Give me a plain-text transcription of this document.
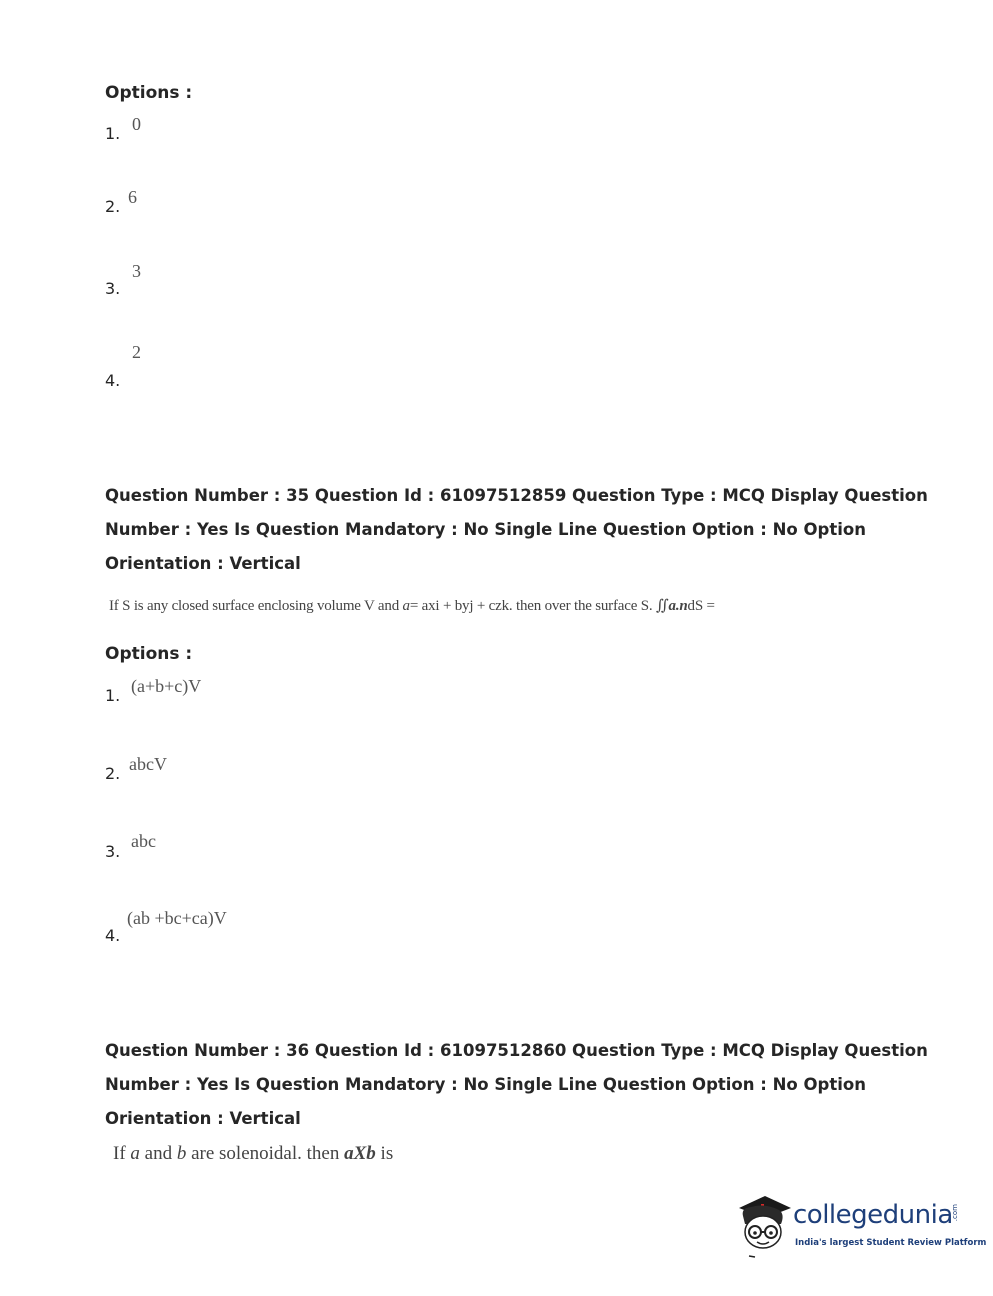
Options :
1. 0
2. 6
3.
3
4.
2
Question Number : 35 Question Id : 61097512859 Question Type : MCQ Display Question
Number : Yes Is Question Mandatory : No Single Line Question Option : No Option
Orientation : Vertical
If S is any closed surface enclosing volume V and a= axi + byj + czk. then over the surface S. ∬a.ndS =
Options :
1. (a+b+c)V
2. abcV
3.
abc
4.
(ab +bc+ca)V
Question Number : 36 Question Id : 61097512860 Question Type : MCQ Display Question
Number : Yes Is Question Mandatory : No Single Line Question Option : No Option
Orientation : Vertical
If a and b are solenoidal. then aXb is
collegedunia
.com
India's largest Student Review Platform
